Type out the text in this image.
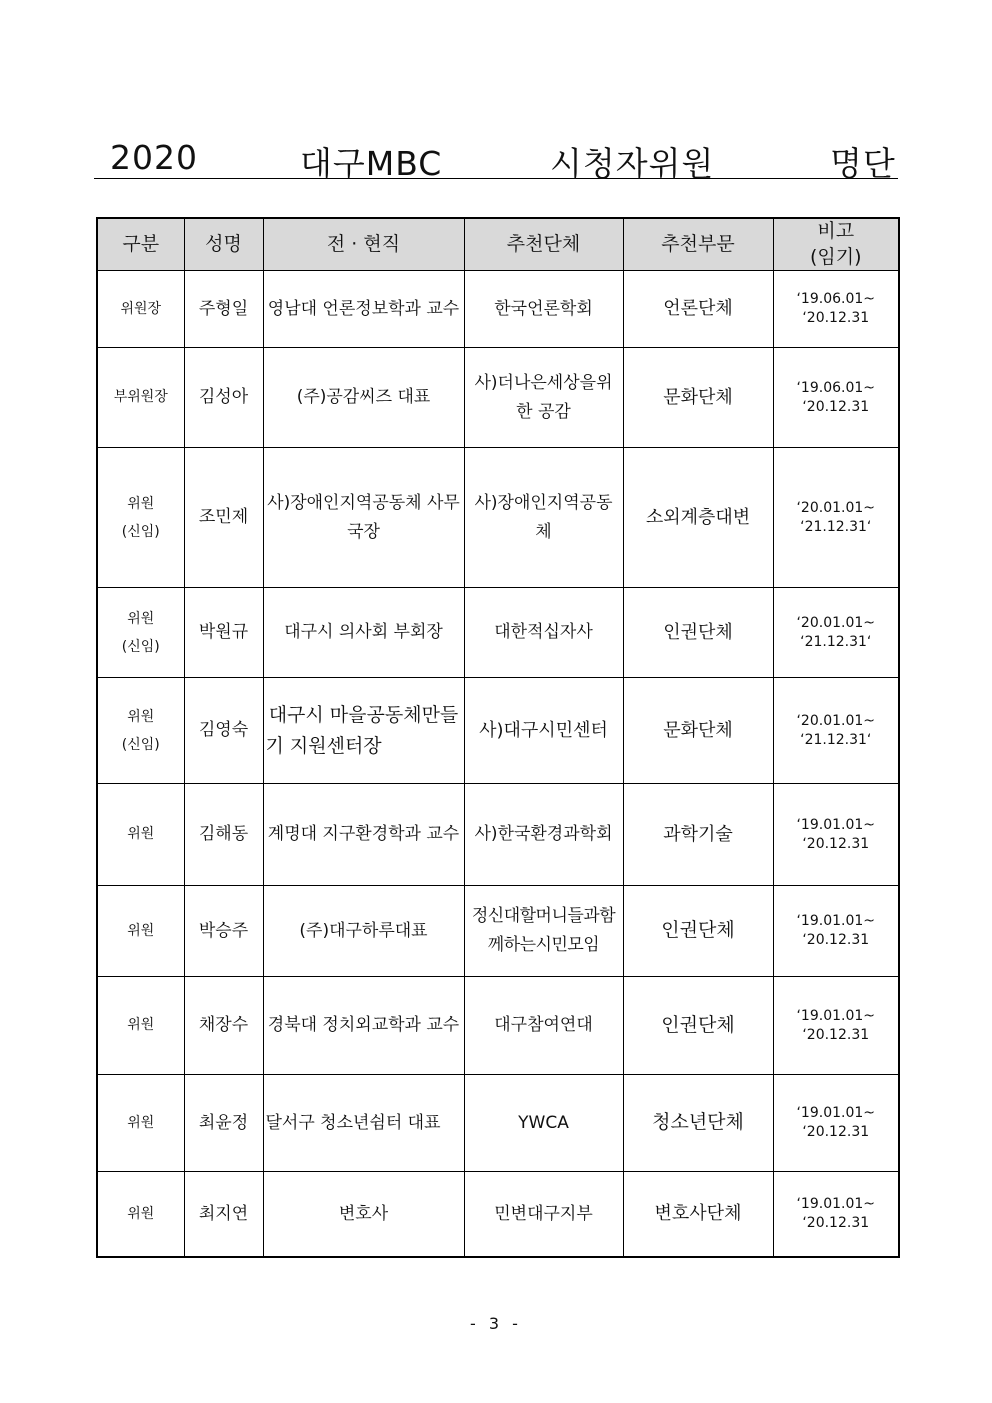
2020	대구MBC	시청자위원	명단
구분	성명	전 · 현직	추천단체	추천부문	비고
(임기)

위원장	주형일	영남대 언론정보학과 교수	한국언론학회	언론단체	‘19.06.01~
‘20.12.31

부위원장	김성아	(주)공감씨즈 대표	사)더나은세상을위한 공감	문화단체	‘19.06.01~
‘20.12.31

위원
(신임)	조민제	사)장애인지역공동체 사무국장	사)장애인지역공동체	소외계층대변	‘20.01.01~
‘21.12.31‘

위원
(신임)	박원규	대구시 의사회 부회장	대한적십자사	인권단체	‘20.01.01~
‘21.12.31‘

위원
(신임)	김영숙	대구시 마을공동체만들기 지원센터장	사)대구시민센터	문화단체	‘20.01.01~
‘21.12.31‘

위원	김해동	계명대 지구환경학과 교수	사)한국환경과학회	과학기술	‘19.01.01~
‘20.12.31

위원	박승주	(주)대구하루대표	정신대할머니들과함께하는시민모임	인권단체	‘19.01.01~
‘20.12.31

위원	채장수	경북대 정치외교학과 교수	대구참여연대	인권단체	‘19.01.01~
‘20.12.31

위원	최윤정	달서구 청소년쉼터 대표	YWCA	청소년단체	‘19.01.01~
‘20.12.31

위원	최지연	변호사	민변대구지부	변호사단체	‘19.01.01~
‘20.12.31
- 3 -
